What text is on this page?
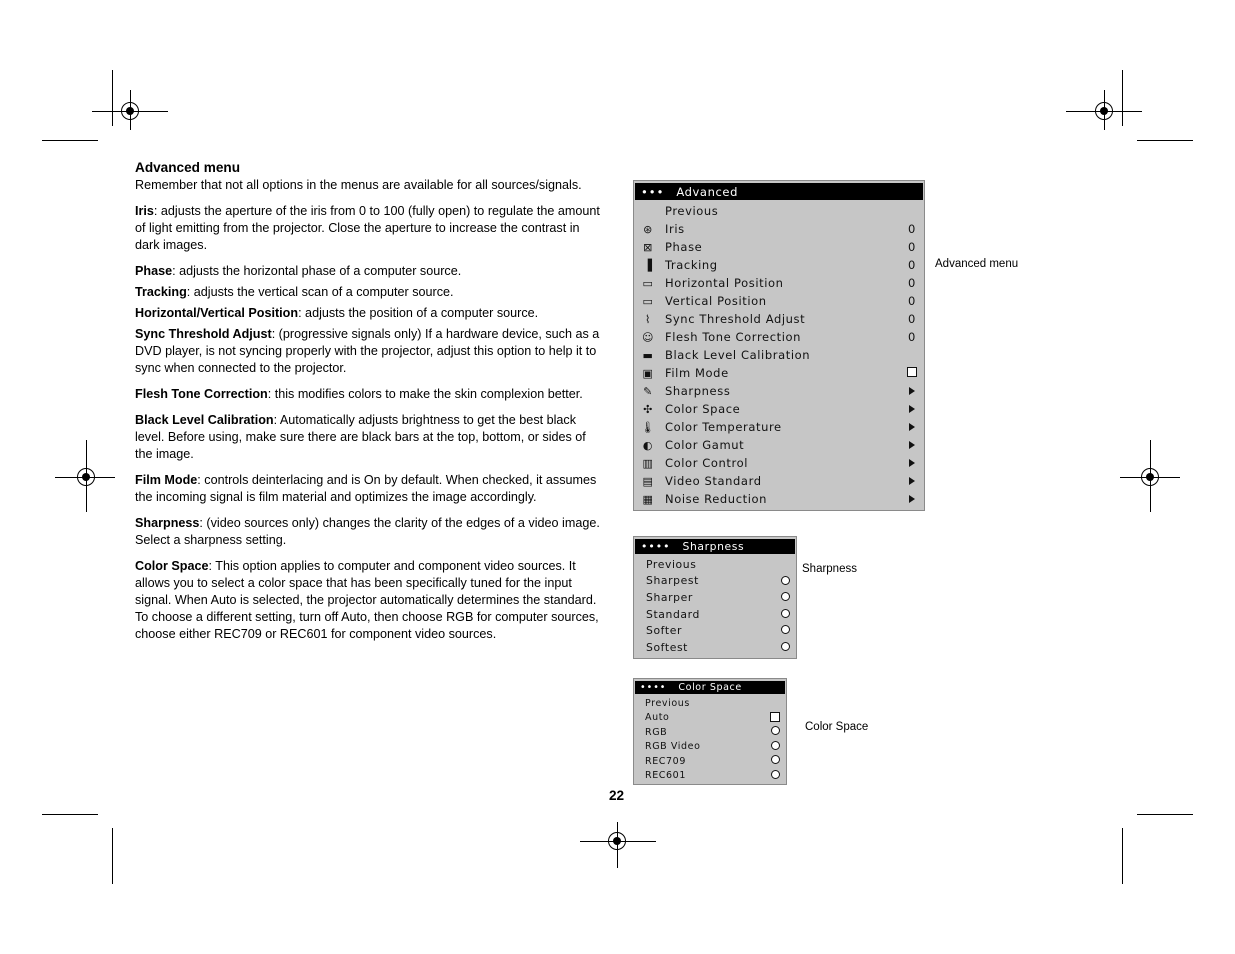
Advanced menu

Remember that not all options in the menus are available for all sources/signals.

Iris: adjusts the aperture of the iris from 0 to 100 (fully open) to regulate the amount of light emitting from the projector. Close the aperture to increase the contrast in dark images.

Phase: adjusts the horizontal phase of a computer source.

Tracking: adjusts the vertical scan of a computer source.

Horizontal/Vertical Position: adjusts the position of a computer source.

Sync Threshold Adjust: (progressive signals only) If a hardware device, such as a DVD player, is not syncing properly with the projector, adjust this option to help it to sync when connected to the projector.

Flesh Tone Correction: this modifies colors to make the skin complexion better.

Black Level Calibration: Automatically adjusts brightness to get the best black level. Before using, make sure there are black bars at the top, bottom, or sides of the image.

Film Mode: controls deinterlacing and is On by default. When checked, it assumes the incoming signal is film material and optimizes the image accordingly.

Sharpness: (video sources only) changes the clarity of the edges of a video image. Select a sharpness setting.

Color Space: This option applies to computer and component video sources. It allows you to select a color space that has been specifically tuned for the input signal. When Auto is selected, the projector automatically determines the standard. To choose a different setting, turn off Auto, then choose RGB for computer sources, choose either REC709 or REC601 for component video sources.

••• Advanced
Previous
⊛	Iris	0
⊠	Phase	0
▐	Tracking	0
▭	Horizontal Position	0
▭	Vertical Position	0
⌇	Sync Threshold Adjust	0
☺ Flesh Tone Correction	0
▬	Black Level Calibration
▣	Film Mode
✎	Sharpness
✣	Color Space
🌡 Color Temperature
◐	Color Gamut
▥	Color Control
▤	Video Standard
▦	Noise Reduction
Advanced menu
•••• Sharpness
Previous
Sharpest
Sharper
Standard
Softer
Softest
Sharpness
•••• Color Space
Previous
Auto
RGB
RGB Video
REC709
REC601
Color Space
22
